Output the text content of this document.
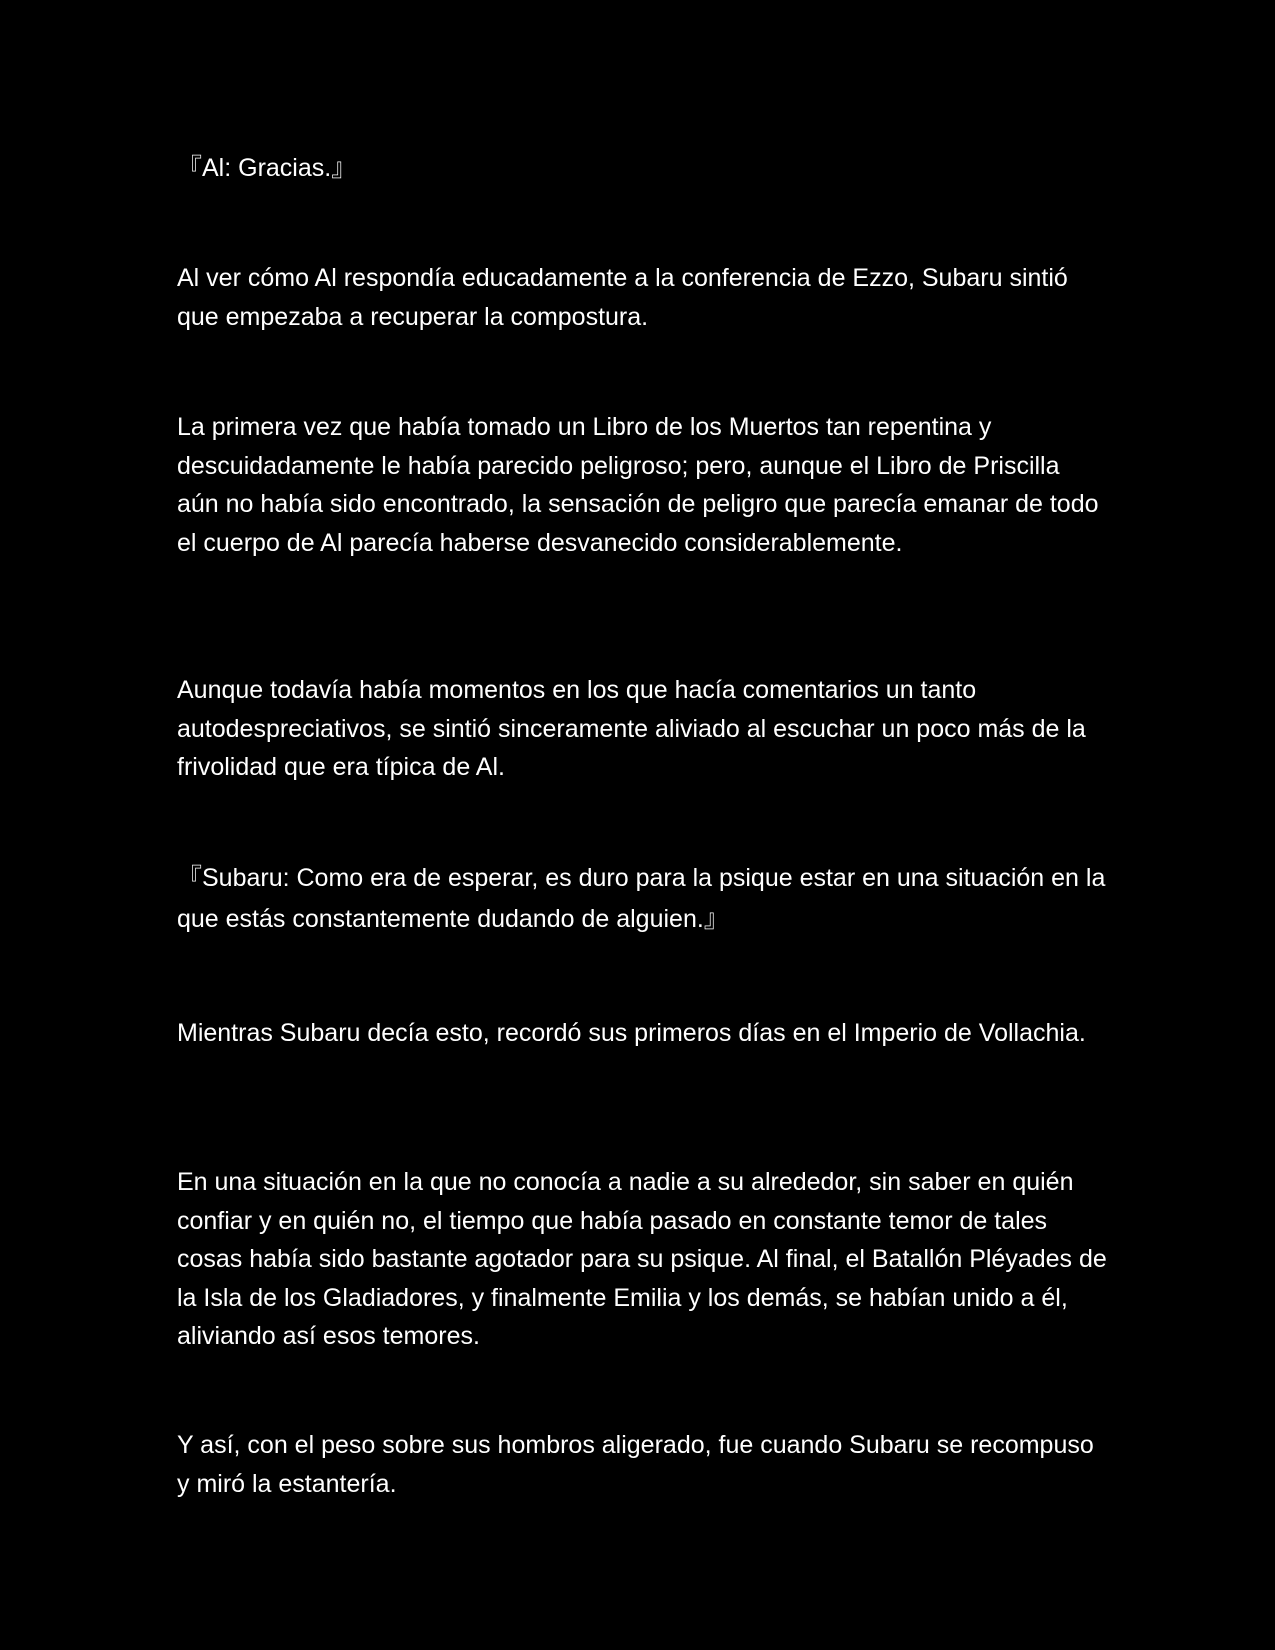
『Al: Gracias.』

Al ver cómo Al respondía educadamente a la conferencia de Ezzo, Subaru sintió que empezaba a recuperar la compostura.

La primera vez que había tomado un Libro de los Muertos tan repentina y descuidadamente le había parecido peligroso; pero, aunque el Libro de Priscilla aún no había sido encontrado, la sensación de peligro que parecía emanar de todo el cuerpo de Al parecía haberse desvanecido considerablemente.

Aunque todavía había momentos en los que hacía comentarios un tanto autodespreciativos, se sintió sinceramente aliviado al escuchar un poco más de la frivolidad que era típica de Al.

『Subaru: Como era de esperar, es duro para la psique estar en una situación en la que estás constantemente dudando de alguien.』

Mientras Subaru decía esto, recordó sus primeros días en el Imperio de Vollachia.

En una situación en la que no conocía a nadie a su alrededor, sin saber en quién confiar y en quién no, el tiempo que había pasado en constante temor de tales cosas había sido bastante agotador para su psique. Al final, el Batallón Pléyades de la Isla de los Gladiadores, y finalmente Emilia y los demás, se habían unido a él, aliviando así esos temores.

Y así, con el peso sobre sus hombros aligerado, fue cuando Subaru se recompuso y miró la estantería.
